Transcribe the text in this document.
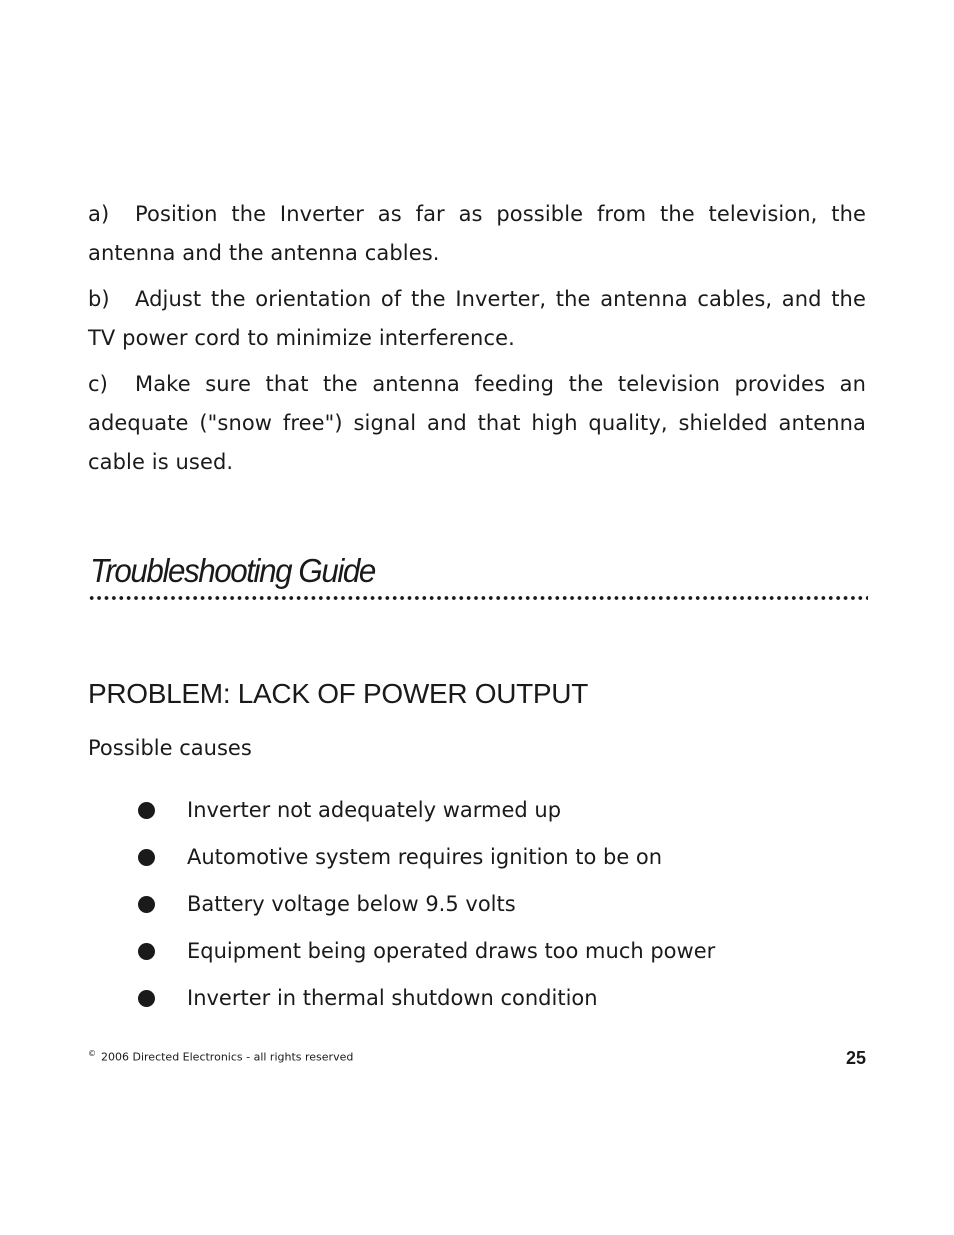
a) Position the Inverter as far as possible from the television, the antenna and the antenna cables.

b) Adjust the orientation of the Inverter, the antenna cables, and the TV power cord to minimize interference.

c) Make sure that the antenna feeding the television provides an adequate ("snow free") signal and that high quality, shielded antenna cable is used.

Troubleshooting Guide
PROBLEM: LACK OF POWER OUTPUT

Possible causes

Inverter not adequately warmed up
Automotive system requires ignition to be on
Battery voltage below 9.5 volts
Equipment being operated draws too much power
Inverter in thermal shutdown condition

© 2006 Directed Electronics - all rights reserved	25
